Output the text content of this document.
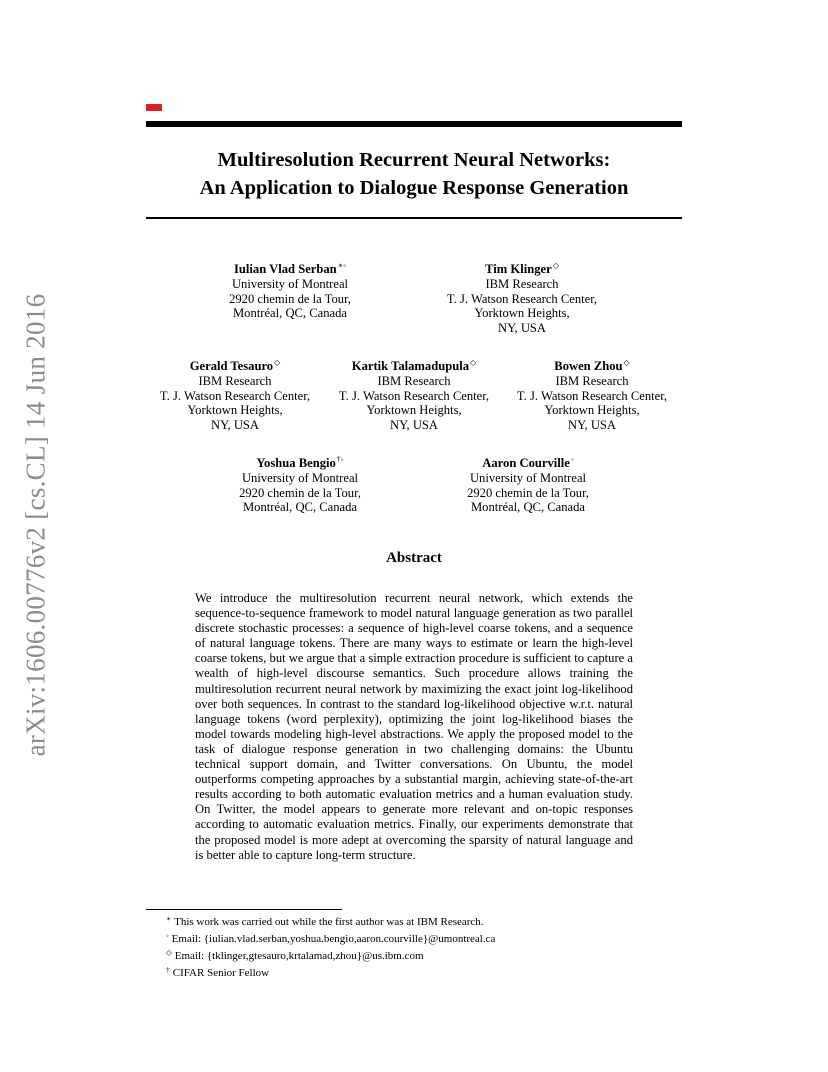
Multiresolution Recurrent Neural Networks:
An Application to Dialogue Response Generation
arXiv:1606.00776v2 [cs.CL] 14 Jun 2016
Iulian Vlad Serban∗◦
University of Montreal
2920 chemin de la Tour,
Montréal, QC, Canada
Tim Klinger◇
IBM Research
T. J. Watson Research Center,
Yorktown Heights,
NY, USA
Gerald Tesauro◇
IBM Research
T. J. Watson Research Center,
Yorktown Heights,
NY, USA
Kartik Talamadupula◇
IBM Research
T. J. Watson Research Center,
Yorktown Heights,
NY, USA
Bowen Zhou◇
IBM Research
T. J. Watson Research Center,
Yorktown Heights,
NY, USA
Yoshua Bengio†◦
University of Montreal
2920 chemin de la Tour,
Montréal, QC, Canada
Aaron Courville◦
University of Montreal
2920 chemin de la Tour,
Montréal, QC, Canada
Abstract

We introduce the multiresolution recurrent neural network, which extends the sequence-to-sequence framework to model natural language generation as two parallel discrete stochastic processes: a sequence of high-level coarse tokens, and a sequence of natural language tokens. There are many ways to estimate or learn the high-level coarse tokens, but we argue that a simple extraction procedure is sufficient to capture a wealth of high-level discourse semantics. Such procedure allows training the multiresolution recurrent neural network by maximizing the exact joint log-likelihood over both sequences. In contrast to the standard log-likelihood objective w.r.t. natural language tokens (word perplexity), optimizing the joint log-likelihood biases the model towards modeling high-level abstractions. We apply the proposed model to the task of dialogue response generation in two challenging domains: the Ubuntu technical support domain, and Twitter conversations. On Ubuntu, the model outperforms competing approaches by a substantial margin, achieving state-of-the-art results according to both automatic evaluation metrics and a human evaluation study. On Twitter, the model appears to generate more relevant and on-topic responses according to automatic evaluation metrics. Finally, our experiments demonstrate that the proposed model is more adept at overcoming the sparsity of natural language and is better able to capture long-term structure.

∗ This work was carried out while the first author was at IBM Research.
◦ Email: {iulian.vlad.serban,yoshua.bengio,aaron.courville}@umontreal.ca
◇ Email: {tklinger,gtesauro,krtalamad,zhou}@us.ibm.com
† CIFAR Senior Fellow
